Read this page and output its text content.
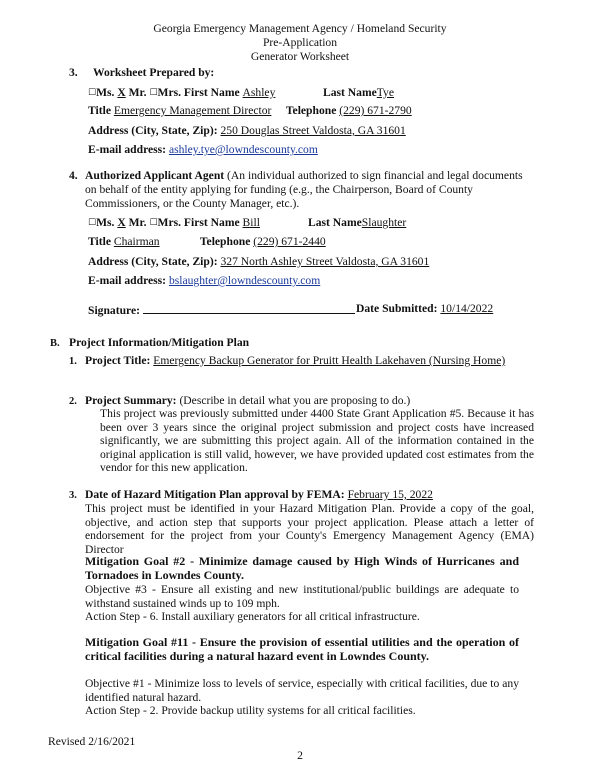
Georgia Emergency Management Agency / Homeland Security
Pre-Application
Generator Worksheet
3. Worksheet Prepared by:
☐Ms. X Mr. ☐Mrs. First Name Ashley	Last NameTye
Title Emergency Management Director Telephone (229) 671-2790
Address (City, State, Zip): 250 Douglas Street Valdosta, GA 31601
E-mail address: ashley.tye@lowndescounty.com
4. Authorized Applicant Agent (An individual authorized to sign financial and legal documents
on behalf of the entity applying for funding (e.g., the Chairperson, Board of County
Commissioners, or the County Manager, etc.).
☐Ms. X Mr. ☐Mrs. First Name Bill	Last NameSlaughter
Title Chairman	Telephone (229) 671-2440
Address (City, State, Zip): 327 North Ashley Street Valdosta, GA 31601
E-mail address: bslaughter@lowndescounty.com
Signature:	Date Submitted: 10/14/2022
B. Project Information/Mitigation Plan
1. Project Title: Emergency Backup Generator for Pruitt Health Lakehaven (Nursing Home)
2. Project Summary: (Describe in detail what you are proposing to do.)
This project was previously submitted under 4400 State Grant Application #5. Because it has been over 3 years since the original project submission and project costs have increased significantly, we are submitting this project again. All of the information contained in the original application is still valid, however, we have provided updated cost estimates from the vendor for this new application.
3. Date of Hazard Mitigation Plan approval by FEMA: February 15, 2022
This project must be identified in your Hazard Mitigation Plan. Provide a copy of the goal, objective, and action step that supports your project application. Please attach a letter of endorsement for the project from your County's Emergency Management Agency (EMA) Director
Mitigation Goal #2 - Minimize damage caused by High Winds of Hurricanes and Tornadoes in Lowndes County.
Objective #3 - Ensure all existing and new institutional/public buildings are adequate to withstand sustained winds up to 109 mph.
Action Step - 6. Install auxiliary generators for all critical infrastructure.
Mitigation Goal #11 - Ensure the provision of essential utilities and the operation of critical facilities during a natural hazard event in Lowndes County.
Objective #1 - Minimize loss to levels of service, especially with critical facilities, due to any identified natural hazard.
Action Step - 2. Provide backup utility systems for all critical facilities.
Revised 2/16/2021
2
